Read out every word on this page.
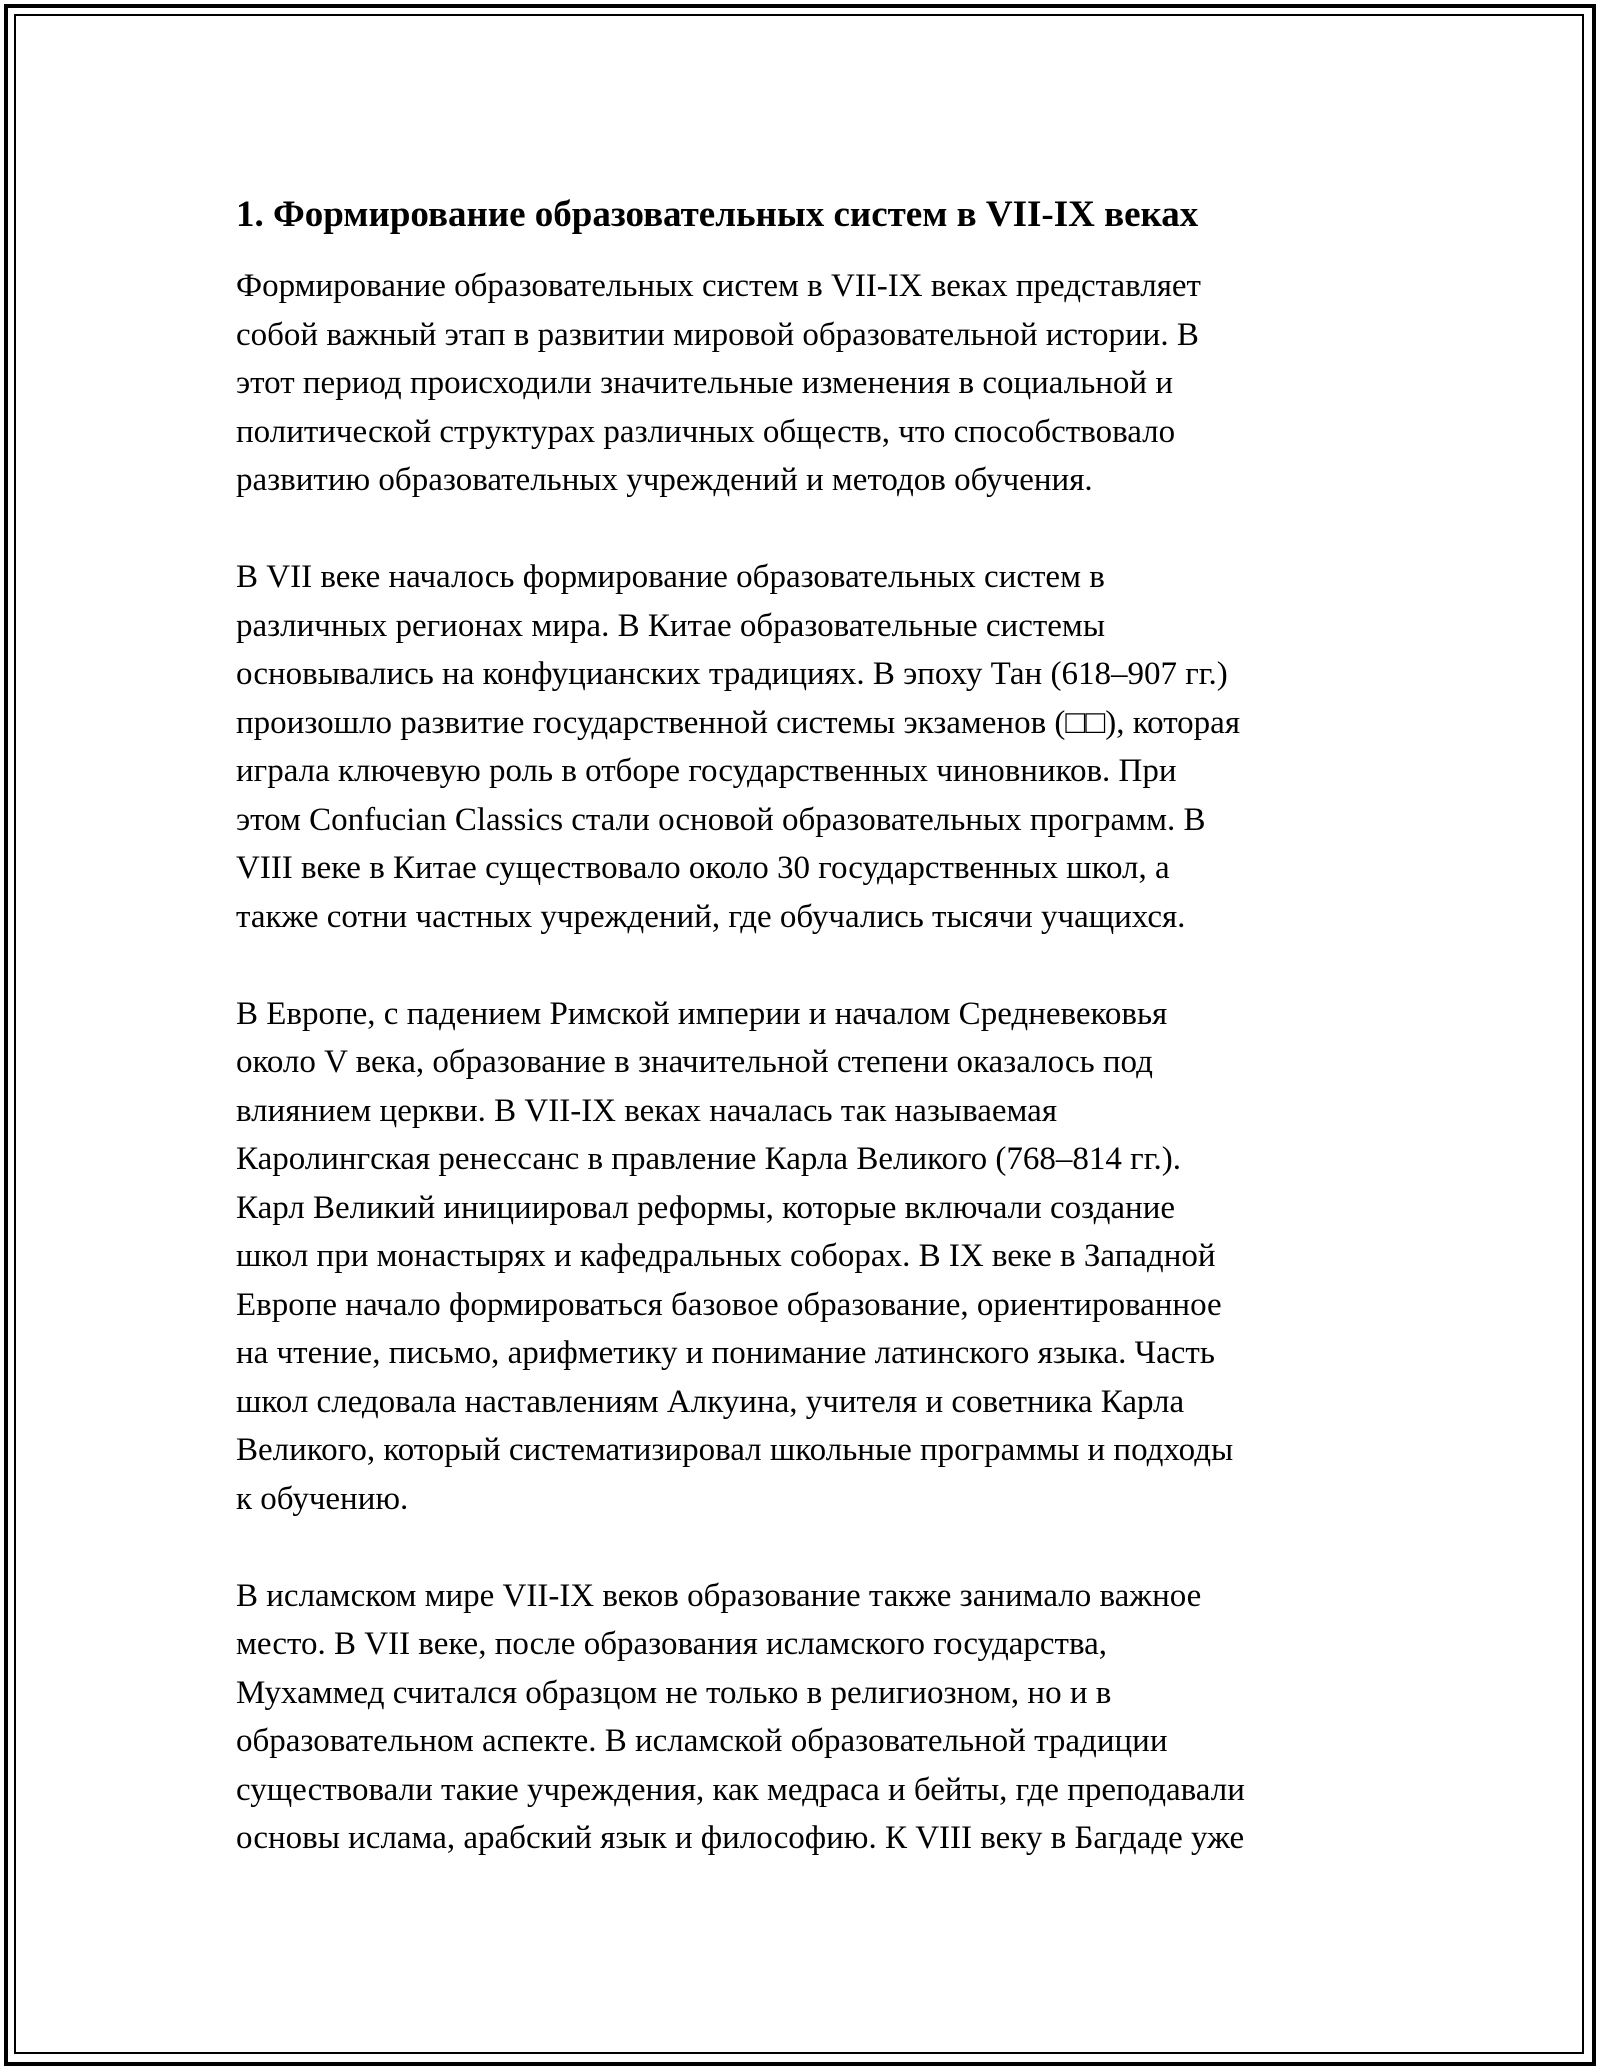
1. Формирование образовательных систем в VII-IX веках

Формирование образовательных систем в VII-IX веках представляет
собой важный этап в развитии мировой образовательной истории. В
этот период происходили значительные изменения в социальной и
политической структурах различных обществ, что способствовало
развитию образовательных учреждений и методов обучения.

В VII веке началось формирование образовательных систем в
различных регионах мира. В Китае образовательные системы
основывались на конфуцианских традициях. В эпоху Тан (618–907 гг.)
произошло развитие государственной системы экзаменов (□□), которая
играла ключевую роль в отборе государственных чиновников. При
этом Confucian Classics стали основой образовательных программ. В
VIII веке в Китае существовало около 30 государственных школ, а
также сотни частных учреждений, где обучались тысячи учащихся.

В Европе, с падением Римской империи и началом Средневековья
около V века, образование в значительной степени оказалось под
влиянием церкви. В VII-IX веках началась так называемая
Каролингская ренессанс в правление Карла Великого (768–814 гг.).
Карл Великий инициировал реформы, которые включали создание
школ при монастырях и кафедральных соборах. В IX веке в Западной
Европе начало формироваться базовое образование, ориентированное
на чтение, письмо, арифметику и понимание латинского языка. Часть
школ следовала наставлениям Алкуина, учителя и советника Карла
Великого, который систематизировал школьные программы и подходы
к обучению.

В исламском мире VII-IX веков образование также занимало важное
место. В VII веке, после образования исламского государства,
Мухаммед считался образцом не только в религиозном, но и в
образовательном аспекте. В исламской образовательной традиции
существовали такие учреждения, как медраса и бейты, где преподавали
основы ислама, арабский язык и философию. К VIII веку в Багдаде уже
